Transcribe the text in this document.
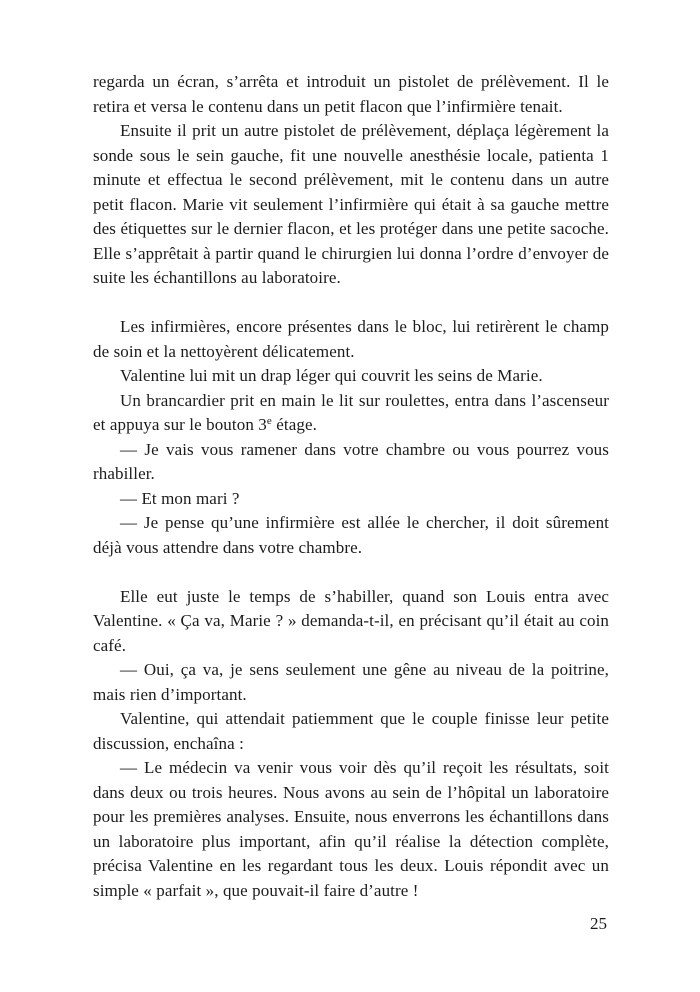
regarda un écran, s’arrêta et introduit un pistolet de prélèvement. Il le retira et versa le contenu dans un petit flacon que l’infirmière tenait.

Ensuite il prit un autre pistolet de prélèvement, déplaça légèrement la sonde sous le sein gauche, fit une nouvelle anesthésie locale, patienta 1 minute et effectua le second prélèvement, mit le contenu dans un autre petit flacon. Marie vit seulement l’infirmière qui était à sa gauche mettre des étiquettes sur le dernier flacon, et les protéger dans une petite sacoche. Elle s’apprêtait à partir quand le chirurgien lui donna l’ordre d’envoyer de suite les échantillons au laboratoire.

Les infirmières, encore présentes dans le bloc, lui retirèrent le champ de soin et la nettoyèrent délicatement.

Valentine lui mit un drap léger qui couvrit les seins de Marie.

Un brancardier prit en main le lit sur roulettes, entra dans l’ascenseur et appuya sur le bouton 3e étage.

— Je vais vous ramener dans votre chambre ou vous pourrez vous rhabiller.

— Et mon mari ?

— Je pense qu’une infirmière est allée le chercher, il doit sûrement déjà vous attendre dans votre chambre.

Elle eut juste le temps de s’habiller, quand son Louis entra avec Valentine. « Ça va, Marie ? » demanda-t-il, en précisant qu’il était au coin café.

— Oui, ça va, je sens seulement une gêne au niveau de la poitrine, mais rien d’important.

Valentine, qui attendait patiemment que le couple finisse leur petite discussion, enchaîna :

— Le médecin va venir vous voir dès qu’il reçoit les résultats, soit dans deux ou trois heures. Nous avons au sein de l’hôpital un laboratoire pour les premières analyses. Ensuite, nous enverrons les échantillons dans un laboratoire plus important, afin qu’il réalise la détection complète, précisa Valentine en les regardant tous les deux. Louis répondit avec un simple « parfait », que pouvait-il faire d’autre !

25
